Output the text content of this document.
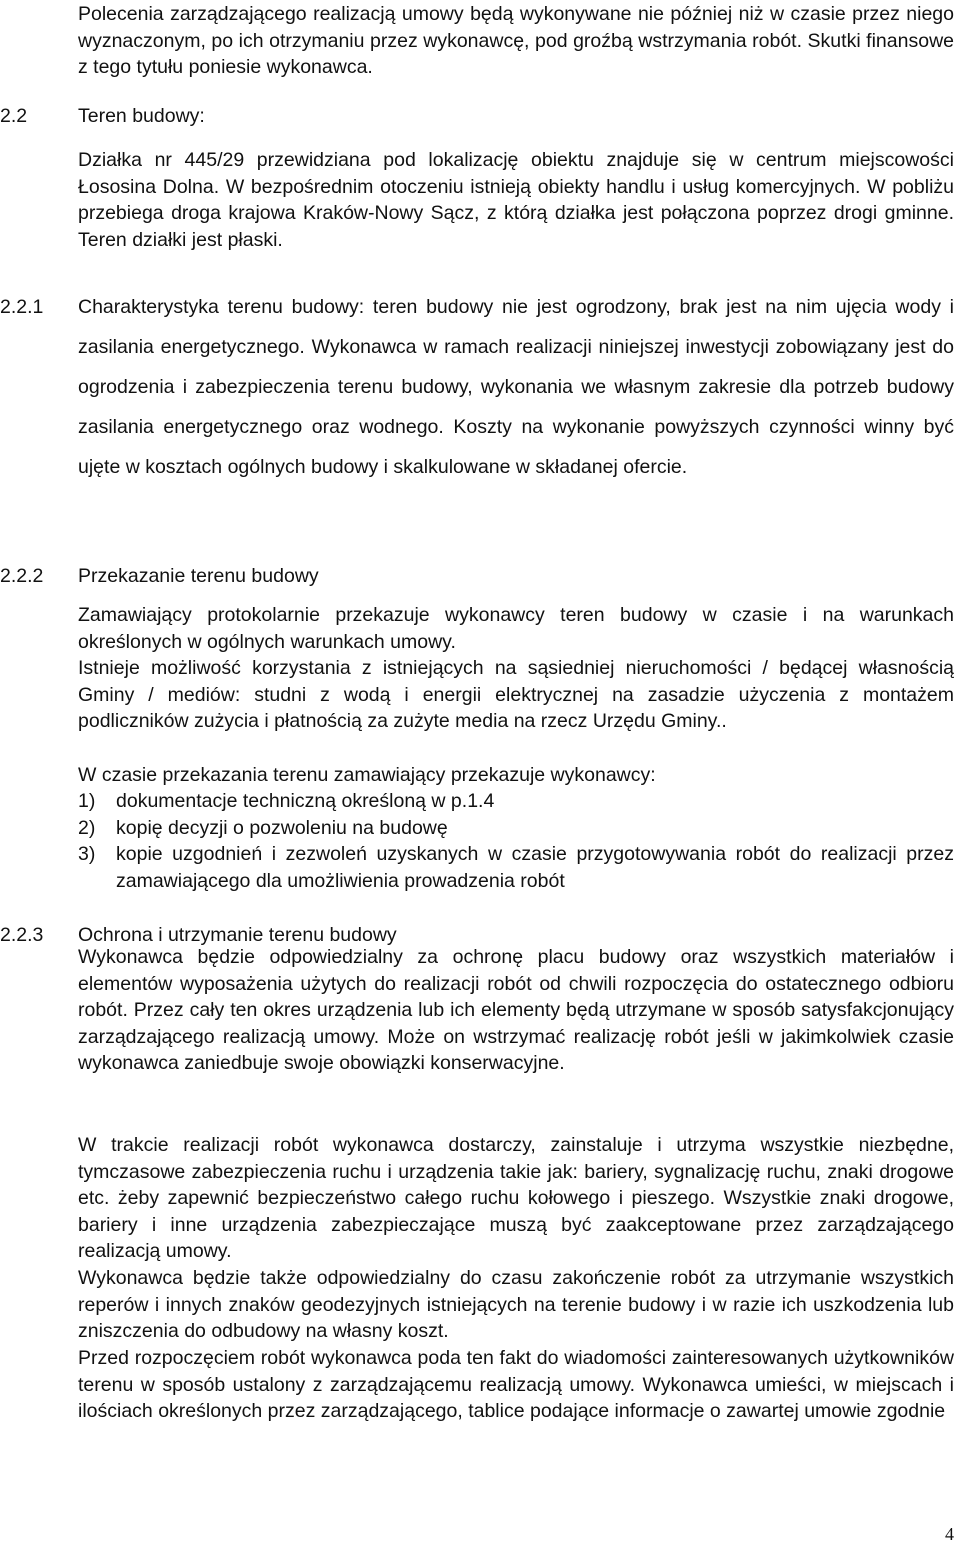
Polecenia zarządzającego realizacją umowy będą wykonywane nie później niż w czasie przez niego wyznaczonym, po ich otrzymaniu przez wykonawcę, pod groźbą wstrzymania robót. Skutki finansowe z tego tytułu poniesie wykonawca.

2.2	Teren budowy:

Działka nr 445/29 przewidziana pod lokalizację obiektu znajduje się w centrum miejscowości Łososina Dolna. W bezpośrednim otoczeniu istnieją obiekty handlu i usług komercyjnych. W pobliżu przebiega droga krajowa Kraków-Nowy Sącz, z którą działka jest połączona poprzez drogi gminne. Teren działki jest płaski.

2.2.1 Charakterystyka terenu budowy: teren budowy nie jest ogrodzony, brak jest na nim ujęcia wody i zasilania energetycznego. Wykonawca w ramach realizacji niniejszej inwestycji zobowiązany jest do ogrodzenia i zabezpieczenia terenu budowy, wykonania we własnym zakresie dla potrzeb budowy zasilania energetycznego oraz wodnego. Koszty na wykonanie powyższych czynności winny być ujęte w kosztach ogólnych budowy i skalkulowane w składanej ofercie.

2.2.2 Przekazanie terenu budowy

Zamawiający protokolarnie przekazuje wykonawcy teren budowy w czasie i na warunkach określonych w ogólnych warunkach umowy.

Istnieje możliwość korzystania z istniejących na sąsiedniej nieruchomości / będącej własnością Gminy / mediów: studni z wodą i energii elektrycznej na zasadzie użyczenia z montażem podliczników zużycia i płatnością za zużyte media na rzecz Urzędu Gminy..

W czasie przekazania terenu zamawiający przekazuje wykonawcy:

1) dokumentacje techniczną określoną w p.1.4
2) kopię decyzji o pozwoleniu na budowę
3) kopie uzgodnień i zezwoleń uzyskanych w czasie przygotowywania robót do realizacji przez zamawiającego dla umożliwienia prowadzenia robót
2.2.3 Ochrona i utrzymanie terenu budowy

Wykonawca będzie odpowiedzialny za ochronę placu budowy oraz wszystkich materiałów i elementów wyposażenia użytych do realizacji robót od chwili rozpoczęcia do ostatecznego odbioru robót. Przez cały ten okres urządzenia lub ich elementy będą utrzymane w sposób satysfakcjonujący zarządzającego realizacją umowy. Może on wstrzymać realizację robót jeśli w jakimkolwiek czasie wykonawca zaniedbuje swoje obowiązki konserwacyjne.

W trakcie realizacji robót wykonawca dostarczy, zainstaluje i utrzyma wszystkie niezbędne, tymczasowe zabezpieczenia ruchu i urządzenia takie jak: bariery, sygnalizację ruchu, znaki drogowe etc. żeby zapewnić bezpieczeństwo całego ruchu kołowego i pieszego. Wszystkie znaki drogowe, bariery i inne urządzenia zabezpieczające muszą być zaakceptowane przez zarządzającego realizacją umowy.

Wykonawca będzie także odpowiedzialny do czasu zakończenie robót za utrzymanie wszystkich reperów i innych znaków geodezyjnych istniejących na terenie budowy i w razie ich uszkodzenia lub zniszczenia do odbudowy na własny koszt.

Przed rozpoczęciem robót wykonawca poda ten fakt do wiadomości zainteresowanych użytkowników terenu w sposób ustalony z zarządzającemu realizacją umowy. Wykonawca umieści, w miejscach i ilościach określonych przez zarządzającego, tablice podające informacje o zawartej umowie zgodnie

4
